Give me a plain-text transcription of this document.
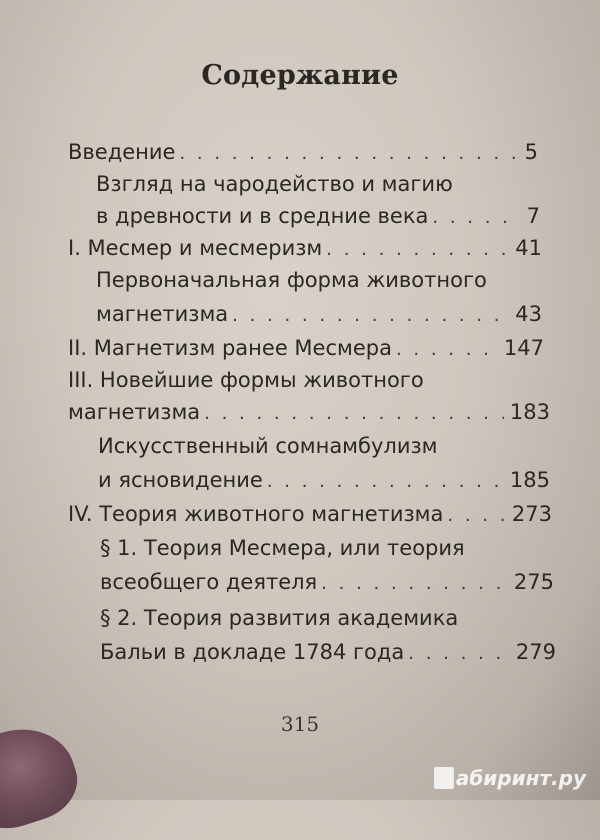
Содержание
Введение . . .	5
Взгляд на чародейство и магию
в древности и в средние века . . .	7
I. Месмер и месмеризм . . .	41
Первоначальная форма животного
магнетизма . . .	43
II. Магнетизм ранее Месмера . . .	147
III. Новейшие формы животного
магнетизма . . .	183
Искусственный сомнамбулизм
и ясновидение . . .	185
IV. Теория животного магнетизма . . .	273
§ 1. Теория Месмера, или теория
всеобщего деятеля . . .	275
§ 2. Теория развития академика
Бальи в докладе 1784 года . . .	279
315
абиринт.ру
